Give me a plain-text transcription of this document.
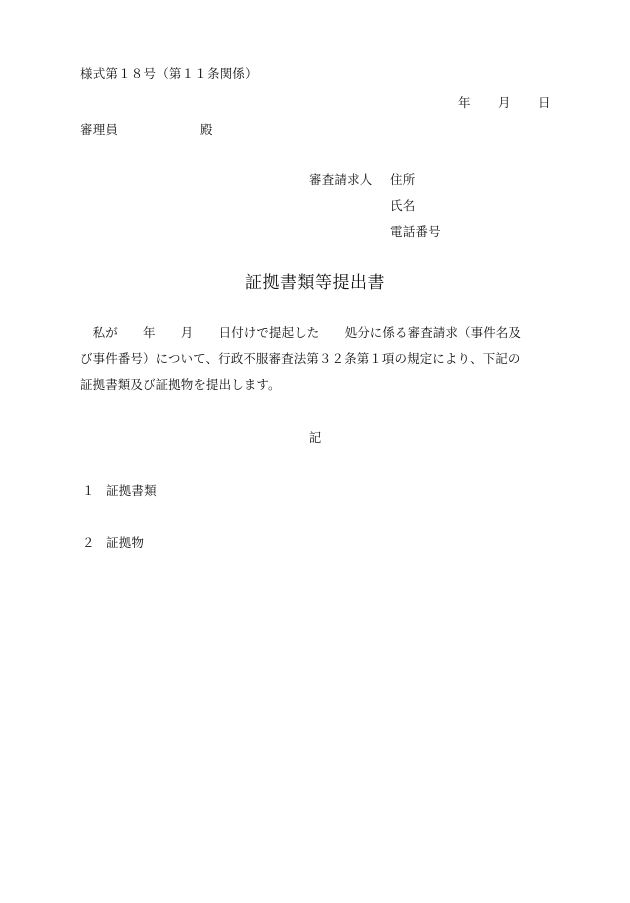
様式第１８号（第１１条関係）
年 月 日
審理員	殿
審査請求人 住所
氏名
電話番号
証拠書類等提出書
　私が　　年　　月　　日付けで提起した　　処分に係る審査請求（事件名及
び事件番号）について、行政不服審査法第３２条第１項の規定により、下記の
証拠書類及び証拠物を提出します。
記
１ 証拠書類
２ 証拠物
